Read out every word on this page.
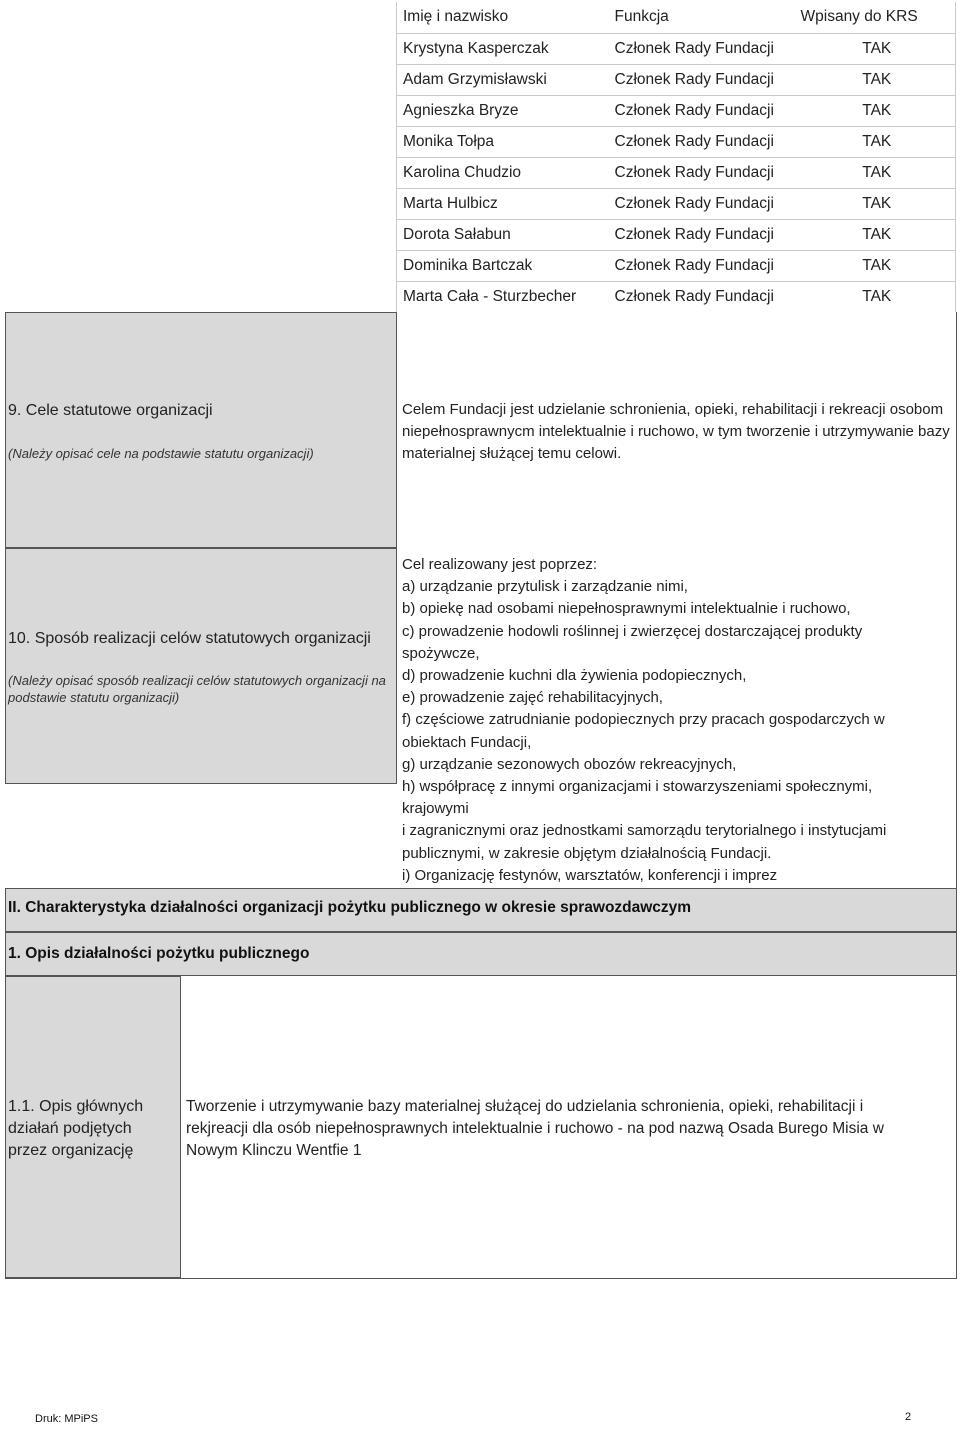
Imię i nazwisko	Funkcja	Wpisany do KRS
Krystyna Kasperczak	Członek Rady Fundacji	TAK
Adam Grzymisławski	Członek Rady Fundacji	TAK
Agnieszka Bryze	Członek Rady Fundacji	TAK
Monika Tołpa	Członek Rady Fundacji	TAK
Karolina Chudzio	Członek Rady Fundacji	TAK
Marta Hulbicz	Członek Rady Fundacji	TAK
Dorota Sałabun	Członek Rady Fundacji	TAK
Dominika Bartczak	Członek Rady Fundacji	TAK
Marta Cała - Sturzbecher	Członek Rady Fundacji	TAK
9. Cele statutowe organizacji
(Należy opisać cele na podstawie statutu organizacji)
Celem Fundacji jest udzielanie schronienia, opieki, rehabilitacji i rekreacji osobom niepełnosprawnycm intelektualnie i ruchowo, w tym tworzenie i utrzymywanie bazy materialnej służącej temu celowi.
10. Sposób realizacji celów statutowych organizacji
(Należy opisać sposób realizacji celów statutowych organizacji na podstawie statutu organizacji)
Cel realizowany jest poprzez:
a) urządzanie przytulisk i zarządzanie nimi,
b) opiekę nad osobami niepełnosprawnymi intelektualnie i ruchowo,
c) prowadzenie hodowli roślinnej i zwierzęcej dostarczającej produkty
spożywcze,
d) prowadzenie kuchni dla żywienia podopiecznych,
e) prowadzenie zajęć rehabilitacyjnych,
f) częściowe zatrudnianie podopiecznych przy pracach gospodarczych w
obiektach Fundacji,
g) urządzanie sezonowych obozów rekreacyjnych,
h) współpracę z innymi organizacjami i stowarzyszeniami społecznymi,
krajowymi
i zagranicznymi oraz jednostkami samorządu terytorialnego i instytucjami
publicznymi, w zakresie objętym działalnością Fundacji.
i) Organizację festynów, warsztatów, konferencji i imprez
II. Charakterystyka działalności organizacji pożytku publicznego w okresie sprawozdawczym
1. Opis działalności pożytku publicznego
1.1. Opis głównych
działań podjętych
przez organizację
Tworzenie i utrzymywanie bazy materialnej służącej do udzielania schronienia, opieki, rehabilitacji i
rekjreacji dla osób niepełnosprawnych intelektualnie i ruchowo - na pod nazwą Osada Burego Misia w
Nowym Klinczu Wentfie 1
Druk: MPiPS	2
